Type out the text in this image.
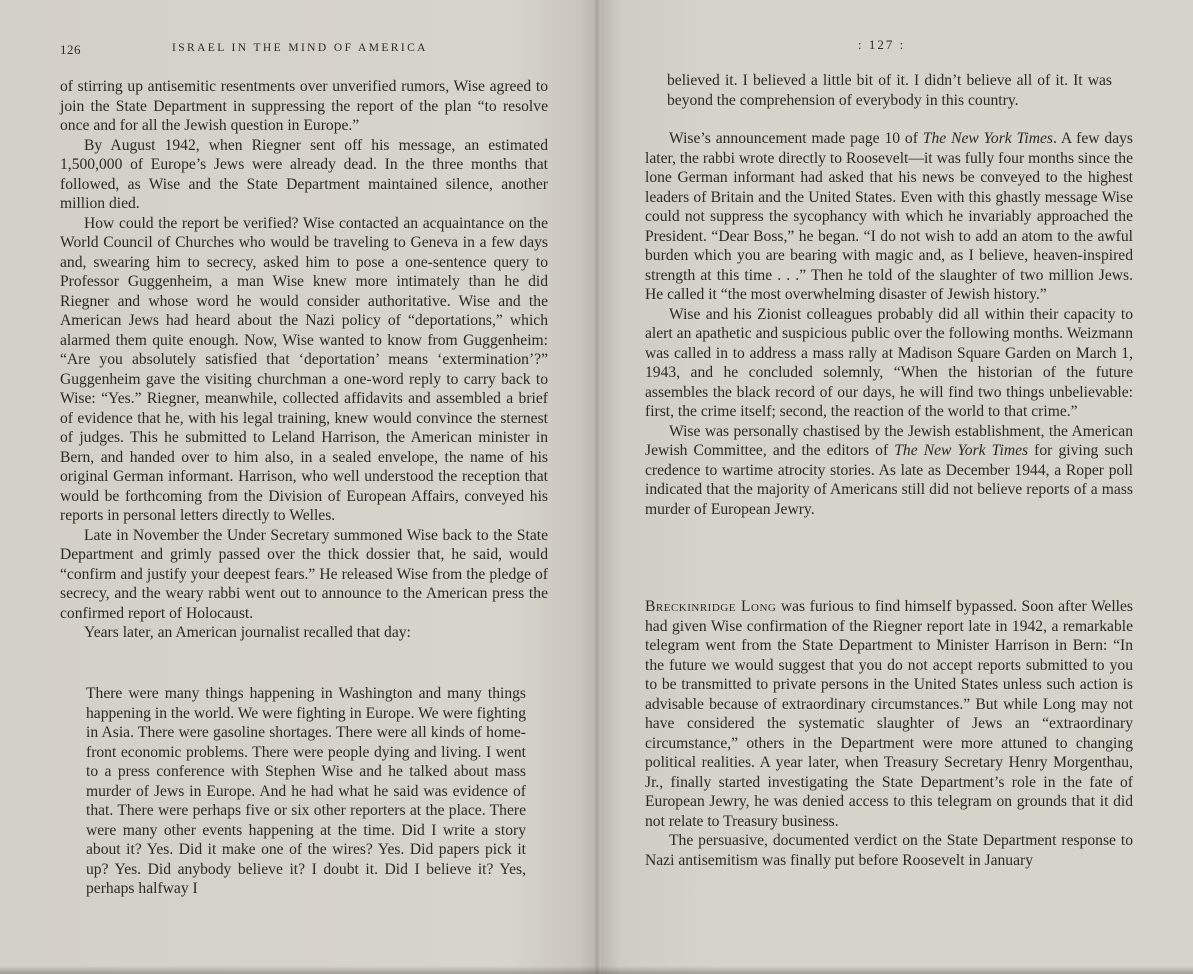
126	ISRAEL IN THE MIND OF AMERICA

of stirring up antisemitic resentments over unverified rumors, Wise agreed to join the State Department in suppressing the report of the plan “to resolve once and for all the Jewish question in Europe.”

By August 1942, when Riegner sent off his message, an estimated 1,500,000 of Europe’s Jews were already dead. In the three months that followed, as Wise and the State Department maintained silence, another million died.

How could the report be verified? Wise contacted an acquaintance on the World Council of Churches who would be traveling to Geneva in a few days and, swearing him to secrecy, asked him to pose a one-sentence query to Professor Guggenheim, a man Wise knew more intimately than he did Riegner and whose word he would consider authoritative. Wise and the American Jews had heard about the Nazi policy of “deportations,” which alarmed them quite enough. Now, Wise wanted to know from Guggenheim: “Are you absolutely satisfied that ‘deportation’ means ‘extermination’?” Guggenheim gave the visiting churchman a one-word reply to carry back to Wise: “Yes.” Riegner, meanwhile, collected affidavits and assembled a brief of evidence that he, with his legal training, knew would convince the sternest of judges. This he submitted to Leland Harrison, the American minister in Bern, and handed over to him also, in a sealed envelope, the name of his original German informant. Harrison, who well understood the reception that would be forthcoming from the Division of European Affairs, conveyed his reports in personal letters directly to Welles.

Late in November the Under Secretary summoned Wise back to the State Department and grimly passed over the thick dossier that, he said, would “confirm and justify your deepest fears.” He released Wise from the pledge of secrecy, and the weary rabbi went out to announce to the American press the confirmed report of Holocaust.

Years later, an American journalist recalled that day:

There were many things happening in Washington and many things happening in the world. We were fighting in Europe. We were fighting in Asia. There were gasoline shortages. There were all kinds of home-front economic problems. There were people dying and living. I went to a press conference with Stephen Wise and he talked about mass murder of Jews in Europe. And he had what he said was evidence of that. There were perhaps five or six other reporters at the place. There were many other events happening at the time. Did I write a story about it? Yes. Did it make one of the wires? Yes. Did papers pick it up? Yes. Did anybody believe it? I doubt it. Did I believe it? Yes, perhaps halfway I

: 127 :

believed it. I believed a little bit of it. I didn’t believe all of it. It was beyond the comprehension of everybody in this country.

Wise’s announcement made page 10 of The New York Times. A few days later, the rabbi wrote directly to Roosevelt—it was fully four months since the lone German informant had asked that his news be conveyed to the highest leaders of Britain and the United States. Even with this ghastly message Wise could not suppress the sycophancy with which he invariably approached the President. “Dear Boss,” he began. “I do not wish to add an atom to the awful burden which you are bearing with magic and, as I believe, heaven-inspired strength at this time . . .” Then he told of the slaughter of two million Jews. He called it “the most overwhelming disaster of Jewish history.”

Wise and his Zionist colleagues probably did all within their capacity to alert an apathetic and suspicious public over the following months. Weizmann was called in to address a mass rally at Madison Square Garden on March 1, 1943, and he concluded solemnly, “When the historian of the future assembles the black record of our days, he will find two things unbelievable: first, the crime itself; second, the reaction of the world to that crime.”

Wise was personally chastised by the Jewish establishment, the American Jewish Committee, and the editors of The New York Times for giving such credence to wartime atrocity stories. As late as December 1944, a Roper poll indicated that the majority of Americans still did not believe reports of a mass murder of European Jewry.

Breckinridge Long was furious to find himself bypassed. Soon after Welles had given Wise confirmation of the Riegner report late in 1942, a remarkable telegram went from the State Department to Minister Harrison in Bern: “In the future we would suggest that you do not accept reports submitted to you to be transmitted to private persons in the United States unless such action is advisable because of extraordinary circumstances.” But while Long may not have considered the systematic slaughter of Jews an “extraordinary circumstance,” others in the Department were more attuned to changing political realities. A year later, when Treasury Secretary Henry Morgenthau, Jr., finally started investigating the State Department’s role in the fate of European Jewry, he was denied access to this telegram on grounds that it did not relate to Treasury business.

The persuasive, documented verdict on the State Department response to Nazi antisemitism was finally put before Roosevelt in January
